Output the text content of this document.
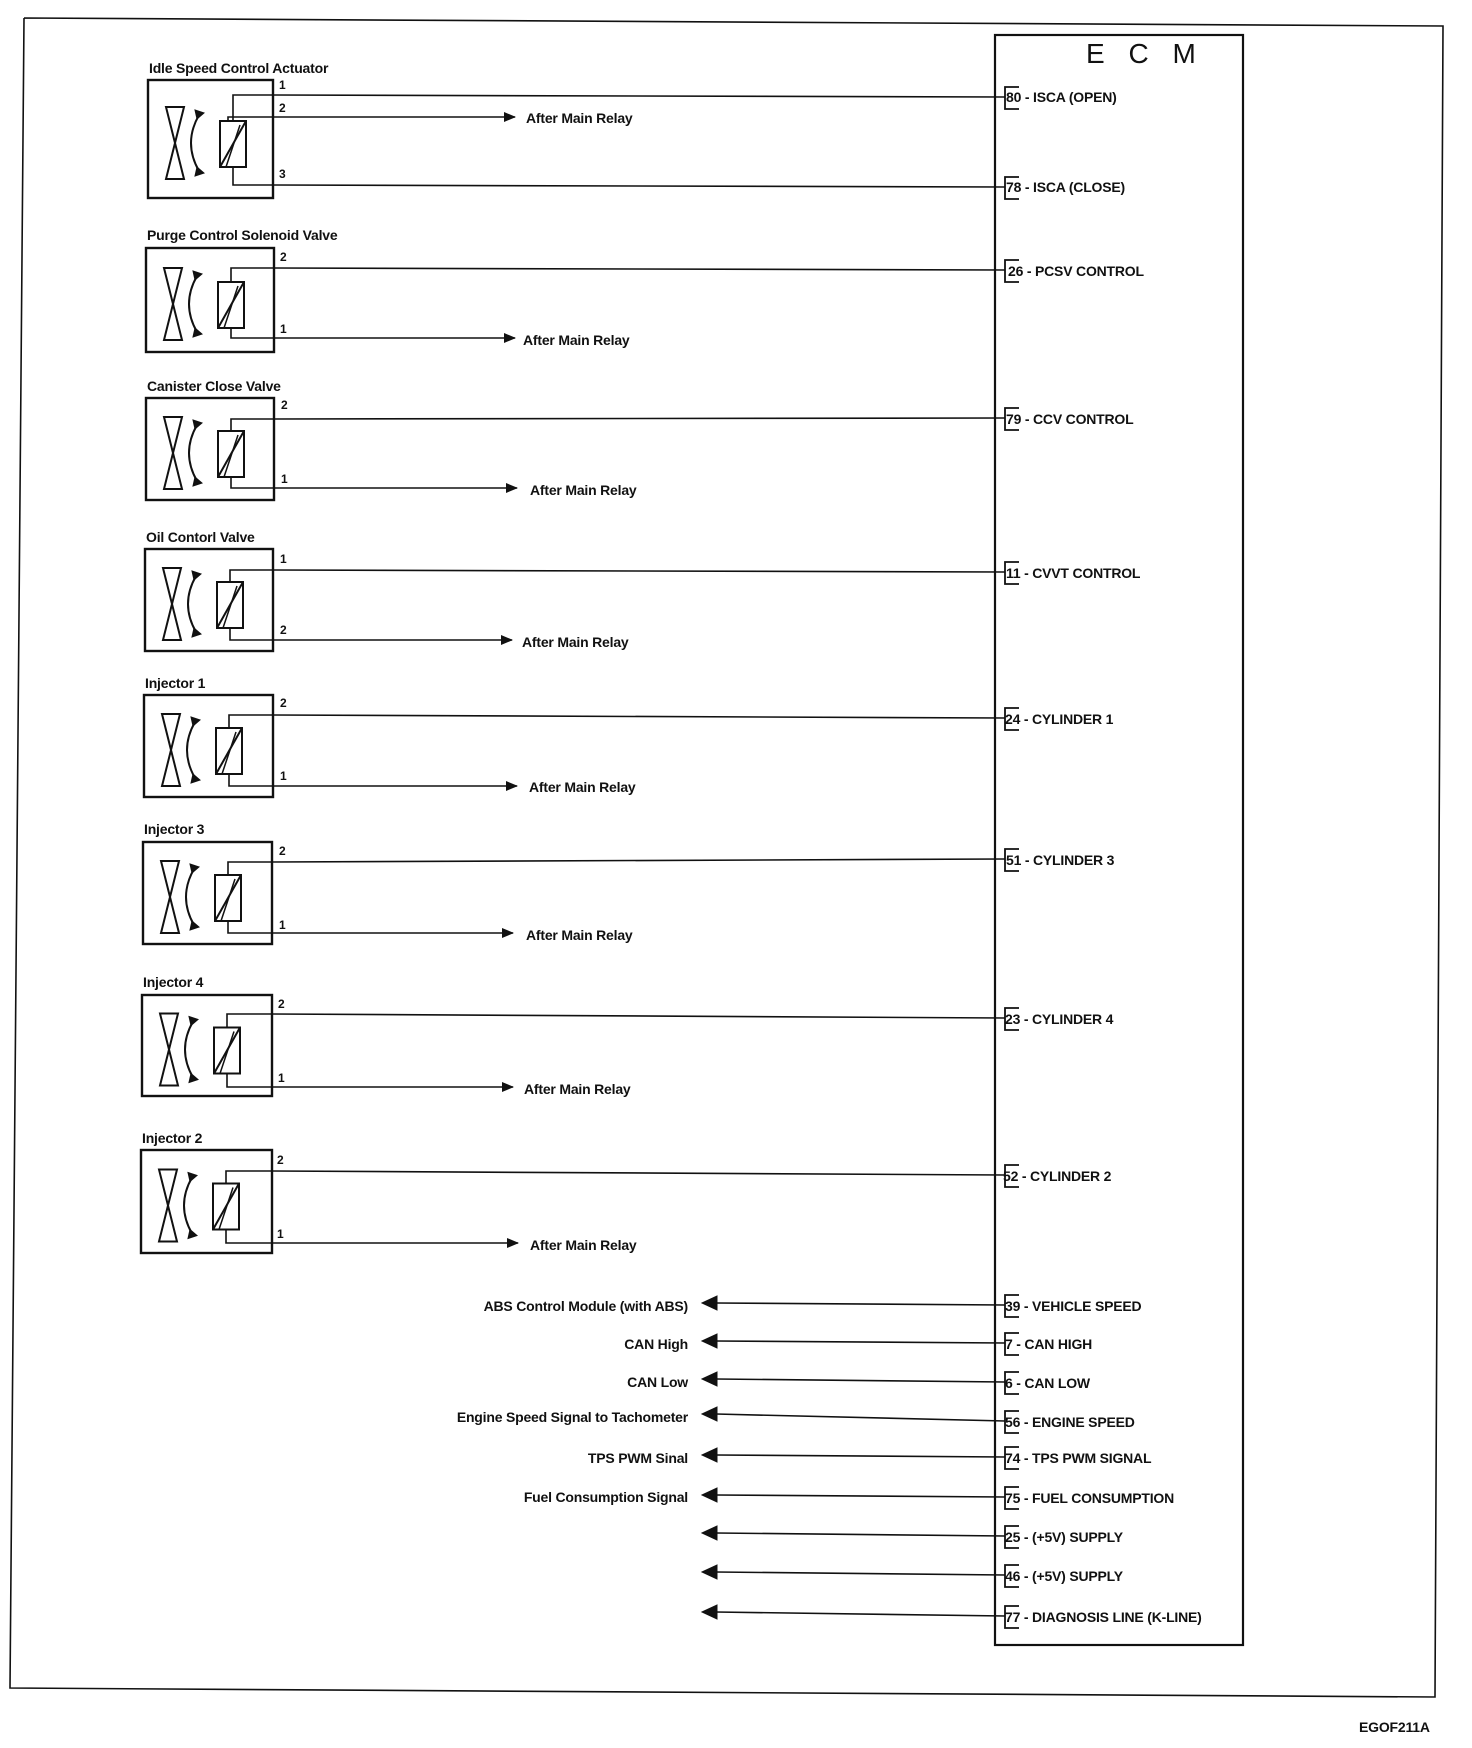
E C M
80 - ISCA (OPEN)
78 - ISCA (CLOSE)
26 - PCSV CONTROL
79 - CCV CONTROL
11 - CVVT CONTROL
24 - CYLINDER 1
51 - CYLINDER 3
23 - CYLINDER 4
52 - CYLINDER 2
39 - VEHICLE SPEED
7 - CAN HIGH
6 - CAN LOW
56 - ENGINE SPEED
74 - TPS PWM SIGNAL
75 - FUEL CONSUMPTION
25 - (+5V) SUPPLY
46 - (+5V) SUPPLY
77 - DIAGNOSIS LINE (K-LINE)
Idle Speed Control Actuator
Purge Control Solenoid Valve
Canister Close Valve
Oil Contorl Valve
Injector 1
Injector 3
Injector 4
Injector 2
1
2
3
2
1
2
1
1
2
2
1
2
1
2
1
2
1
After Main Relay
After Main Relay
After Main Relay
After Main Relay
After Main Relay
After Main Relay
After Main Relay
After Main Relay
ABS Control Module (with ABS)
CAN High
CAN Low
Engine Speed Signal to Tachometer
TPS PWM Sinal
Fuel Consumption Signal
EGOF211A
